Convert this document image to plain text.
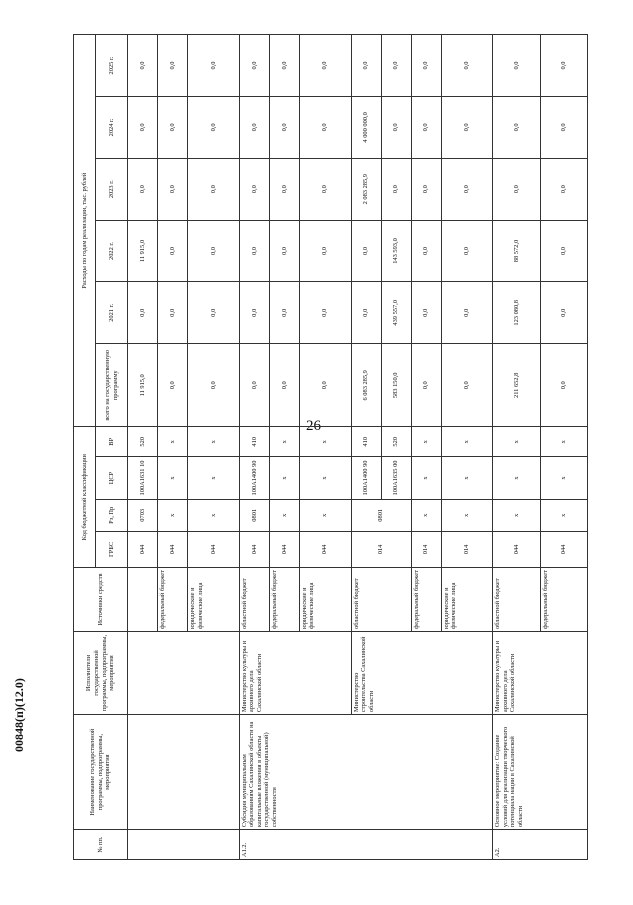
26
00848(п)(12.0)
№ пп.	Наименование государственной программы, подпрограммы, мероприятия	Исполнители государственной программы, подпрограммы, мероприятия	Источники средств	Код бюджетной классификации				Расходы по годам реализации, тыс. рублей					
				ГРБС	Рз, Пр	ЦСР	ВР	всего на государственную программу	2021 г.	2022 г.	2023 г.	2024 г.	2025 г.
				044	0703	100А1631 10	520	11 915,0	0,0	11 915,0	0,0	0,0	0,0
			федеральный бюджет	044	х	х	х	0,0	0,0	0,0	0,0	0,0	0,0
			юридические и физические лица	044	х	х	х	0,0	0,0	0,0	0,0	0,0	0,0
А1.2.	Субсидия муниципальным образованиям Сахалинской области на капитальные вложения в объекты государственной (муниципальной) собственности	Министерство культуры и архивного дела Сахалинской области	областной бюджет	044	0801	100А1400 90	410	0,0	0,0	0,0	0,0	0,0	0,0
			федеральный бюджет	044	х	х	х	0,0	0,0	0,0	0,0	0,0	0,0
			юридические и физические лица	044	х	х	х	0,0	0,0	0,0	0,0	0,0	0,0
		Министерство строительства Сахалинской области	областной бюджет	014	0801	100А1400 90	410	6 083 285,9	0,0	0,0	2 083 285,9	4 000 000,0	0,0
						100А1635 00	520	583 150,0	439 557,0	143 593,0	0,0	0,0	0,0
			федеральный бюджет	014	х	х	х	0,0	0,0	0,0	0,0	0,0	0,0
			юридические и физические лица	014	х	х	х	0,0	0,0	0,0	0,0	0,0	0,0
А2.	Основное мероприятие: Создание условий для реализации творческого потенциала нации в Сахалинской области	Министерство культуры и архивного дела Сахалинской области	областной бюджет	044	х	х	х	211 652,8	123 080,8	88 572,0	0,0	0,0	0,0
			федеральный бюджет	044	х	х	х	0,0	0,0	0,0	0,0	0,0	0,0
